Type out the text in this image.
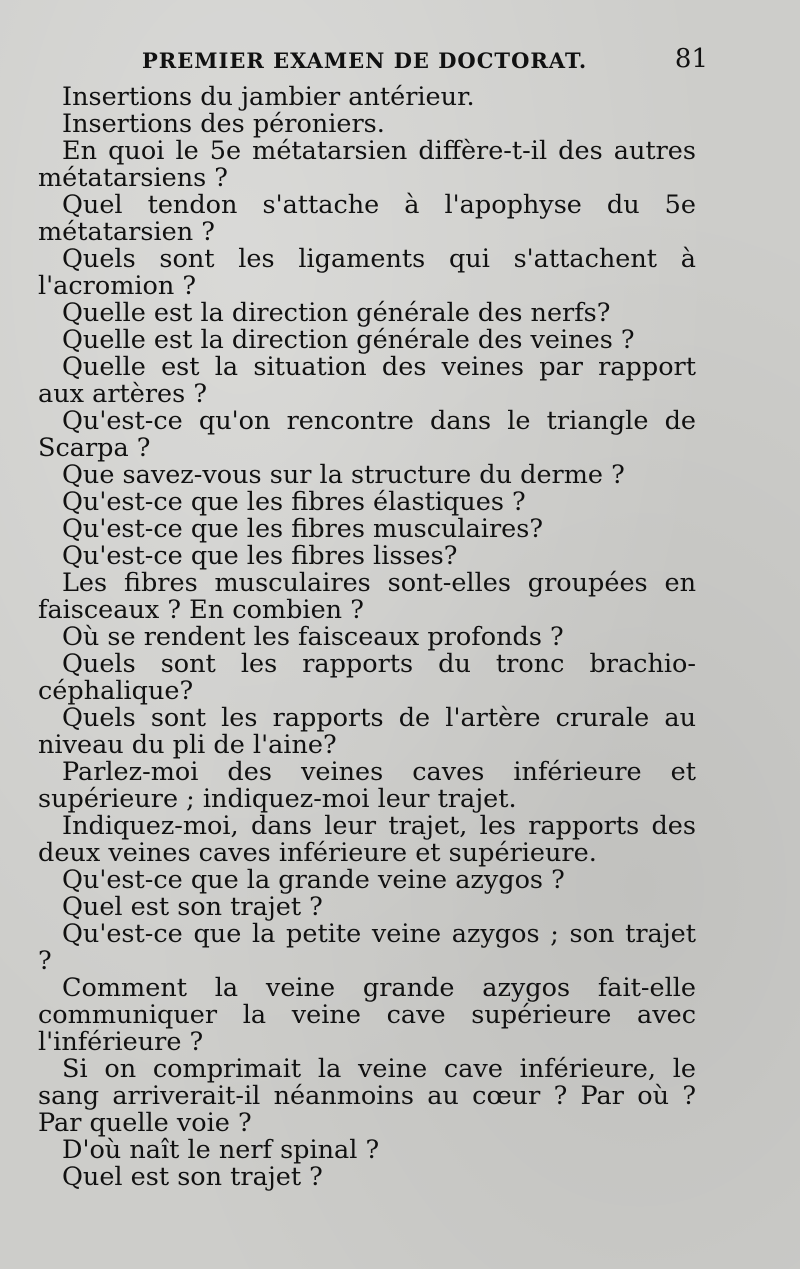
PREMIER EXAMEN DE DOCTORAT.	81

Insertions du jambier antérieur.

Insertions des péroniers.

En quoi le 5e métatarsien diffère-t-il des autres métatarsiens ?

Quel tendon s'attache à l'apophyse du 5e métatarsien ?

Quels sont les ligaments qui s'attachent à l'acromion ?

Quelle est la direction générale des nerfs?

Quelle est la direction générale des veines ?

Quelle est la situation des veines par rapport aux artères ?

Qu'est-ce qu'on rencontre dans le triangle de Scarpa ?

Que savez-vous sur la structure du derme ?

Qu'est-ce que les fibres élastiques ?

Qu'est-ce que les fibres musculaires?

Qu'est-ce que les fibres lisses?

Les fibres musculaires sont-elles groupées en faisceaux ? En combien ?

Où se rendent les faisceaux profonds ?

Quels sont les rapports du tronc brachio-céphalique?

Quels sont les rapports de l'artère crurale au niveau du pli de l'aine?

Parlez-moi des veines caves inférieure et supérieure ; indiquez-moi leur trajet.

Indiquez-moi, dans leur trajet, les rapports des deux veines caves inférieure et supérieure.

Qu'est-ce que la grande veine azygos ?

Quel est son trajet ?

Qu'est-ce que la petite veine azygos ; son trajet ?

Comment la veine grande azygos fait-elle communiquer la veine cave supérieure avec l'inférieure ?

Si on comprimait la veine cave inférieure, le sang arriverait-il néanmoins au cœur ? Par où ? Par quelle voie ?

D'où naît le nerf spinal ?

Quel est son trajet ?
